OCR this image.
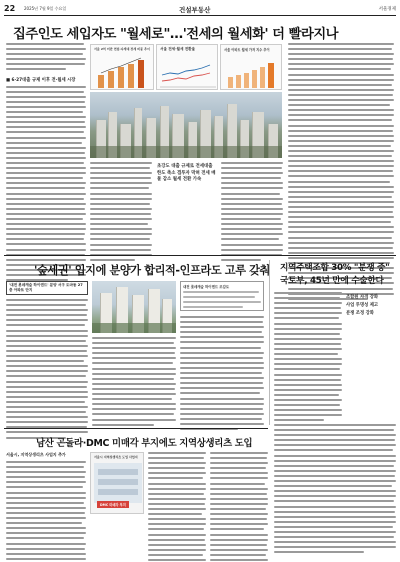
22 2025년 7월 9일 수요일	건설부동산	서울경제
집주인도 세입자도 "월세로"…'전세의 월세화' 더 빨라지나
■ 6·27대출 규제 이후 전·월세 시장
서울 2억 미만 연립·다세대 전세 비중 추이	서울 전세·월세 전환율	서울 아파트 월세 가격 지수 추이
초강도 대출 규제로 전세대출 한도 축소 갭투자 막혀 전세 매물 감소 월세 전환 가속
'숲세권' 입지에 분양가 합리적-인프라도 고루 갖춰
'대전 롯데캐슬 하이엔드' 분양 서구 도마동 27층 아파트 단지
대전 롯데캐슬 하이엔드 조감도
지역주택조합 30% "분쟁 중" 국토부, 45년 만에 수술한다
조합원 자격 강화
사업 투명성 제고
분쟁 조정 강화
남산 곤돌라·DMC 미매각 부지에도 지역상생리츠 도입
서울시, 지역상생리츠 사업지 추가	서울시 지역상생리츠 도입 사업지
DMC 미매각 부지
